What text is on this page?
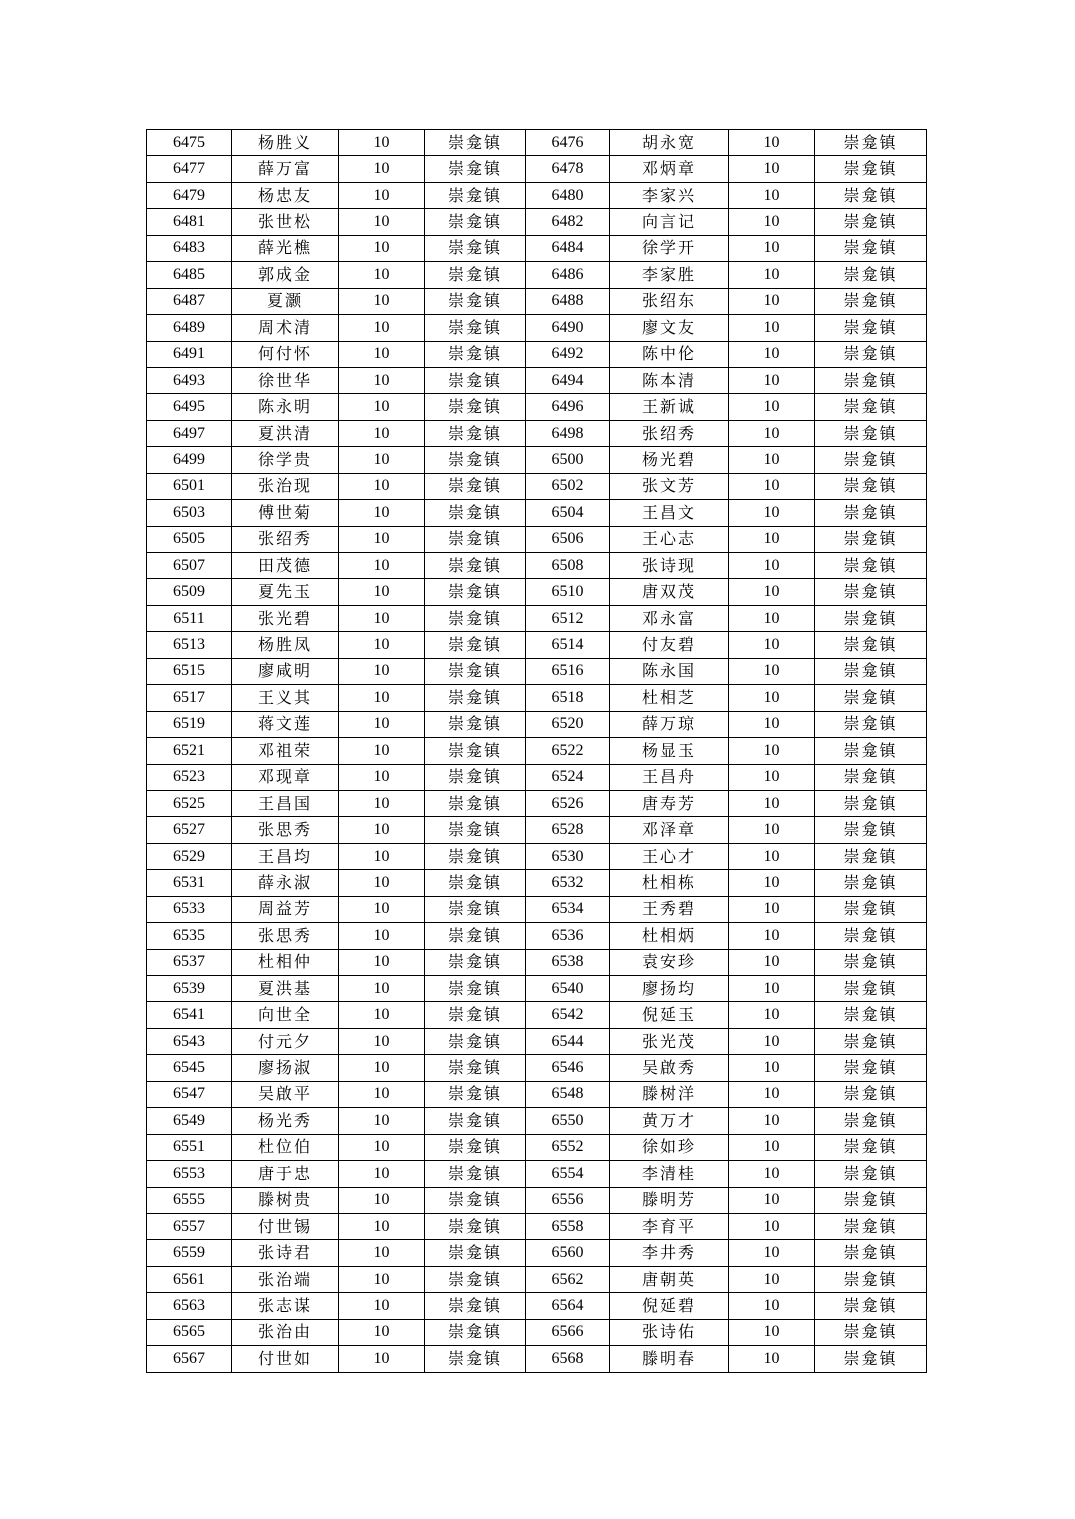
6475	杨胜义	10	崇龛镇	6476	胡永宽	10	崇龛镇
6477	薛万富	10	崇龛镇	6478	邓炳章	10	崇龛镇
6479	杨忠友	10	崇龛镇	6480	李家兴	10	崇龛镇
6481	张世松	10	崇龛镇	6482	向言记	10	崇龛镇
6483	薛光樵	10	崇龛镇	6484	徐学开	10	崇龛镇
6485	郭成金	10	崇龛镇	6486	李家胜	10	崇龛镇
6487	夏灏	10	崇龛镇	6488	张绍东	10	崇龛镇
6489	周术清	10	崇龛镇	6490	廖文友	10	崇龛镇
6491	何付怀	10	崇龛镇	6492	陈中伦	10	崇龛镇
6493	徐世华	10	崇龛镇	6494	陈本清	10	崇龛镇
6495	陈永明	10	崇龛镇	6496	王新诚	10	崇龛镇
6497	夏洪清	10	崇龛镇	6498	张绍秀	10	崇龛镇
6499	徐学贵	10	崇龛镇	6500	杨光碧	10	崇龛镇
6501	张治现	10	崇龛镇	6502	张文芳	10	崇龛镇
6503	傅世菊	10	崇龛镇	6504	王昌文	10	崇龛镇
6505	张绍秀	10	崇龛镇	6506	王心志	10	崇龛镇
6507	田茂德	10	崇龛镇	6508	张诗现	10	崇龛镇
6509	夏先玉	10	崇龛镇	6510	唐双茂	10	崇龛镇
6511	张光碧	10	崇龛镇	6512	邓永富	10	崇龛镇
6513	杨胜凤	10	崇龛镇	6514	付友碧	10	崇龛镇
6515	廖咸明	10	崇龛镇	6516	陈永国	10	崇龛镇
6517	王义其	10	崇龛镇	6518	杜相芝	10	崇龛镇
6519	蒋文莲	10	崇龛镇	6520	薛万琼	10	崇龛镇
6521	邓祖荣	10	崇龛镇	6522	杨显玉	10	崇龛镇
6523	邓现章	10	崇龛镇	6524	王昌舟	10	崇龛镇
6525	王昌国	10	崇龛镇	6526	唐寿芳	10	崇龛镇
6527	张思秀	10	崇龛镇	6528	邓泽章	10	崇龛镇
6529	王昌均	10	崇龛镇	6530	王心才	10	崇龛镇
6531	薛永淑	10	崇龛镇	6532	杜相栋	10	崇龛镇
6533	周益芳	10	崇龛镇	6534	王秀碧	10	崇龛镇
6535	张思秀	10	崇龛镇	6536	杜相炳	10	崇龛镇
6537	杜相仲	10	崇龛镇	6538	袁安珍	10	崇龛镇
6539	夏洪基	10	崇龛镇	6540	廖扬均	10	崇龛镇
6541	向世全	10	崇龛镇	6542	倪延玉	10	崇龛镇
6543	付元夕	10	崇龛镇	6544	张光茂	10	崇龛镇
6545	廖扬淑	10	崇龛镇	6546	吴啟秀	10	崇龛镇
6547	吴啟平	10	崇龛镇	6548	滕树洋	10	崇龛镇
6549	杨光秀	10	崇龛镇	6550	黄万才	10	崇龛镇
6551	杜位伯	10	崇龛镇	6552	徐如珍	10	崇龛镇
6553	唐于忠	10	崇龛镇	6554	李清桂	10	崇龛镇
6555	滕树贵	10	崇龛镇	6556	滕明芳	10	崇龛镇
6557	付世锡	10	崇龛镇	6558	李育平	10	崇龛镇
6559	张诗君	10	崇龛镇	6560	李井秀	10	崇龛镇
6561	张治端	10	崇龛镇	6562	唐朝英	10	崇龛镇
6563	张志谋	10	崇龛镇	6564	倪延碧	10	崇龛镇
6565	张治由	10	崇龛镇	6566	张诗佑	10	崇龛镇
6567	付世如	10	崇龛镇	6568	滕明春	10	崇龛镇
